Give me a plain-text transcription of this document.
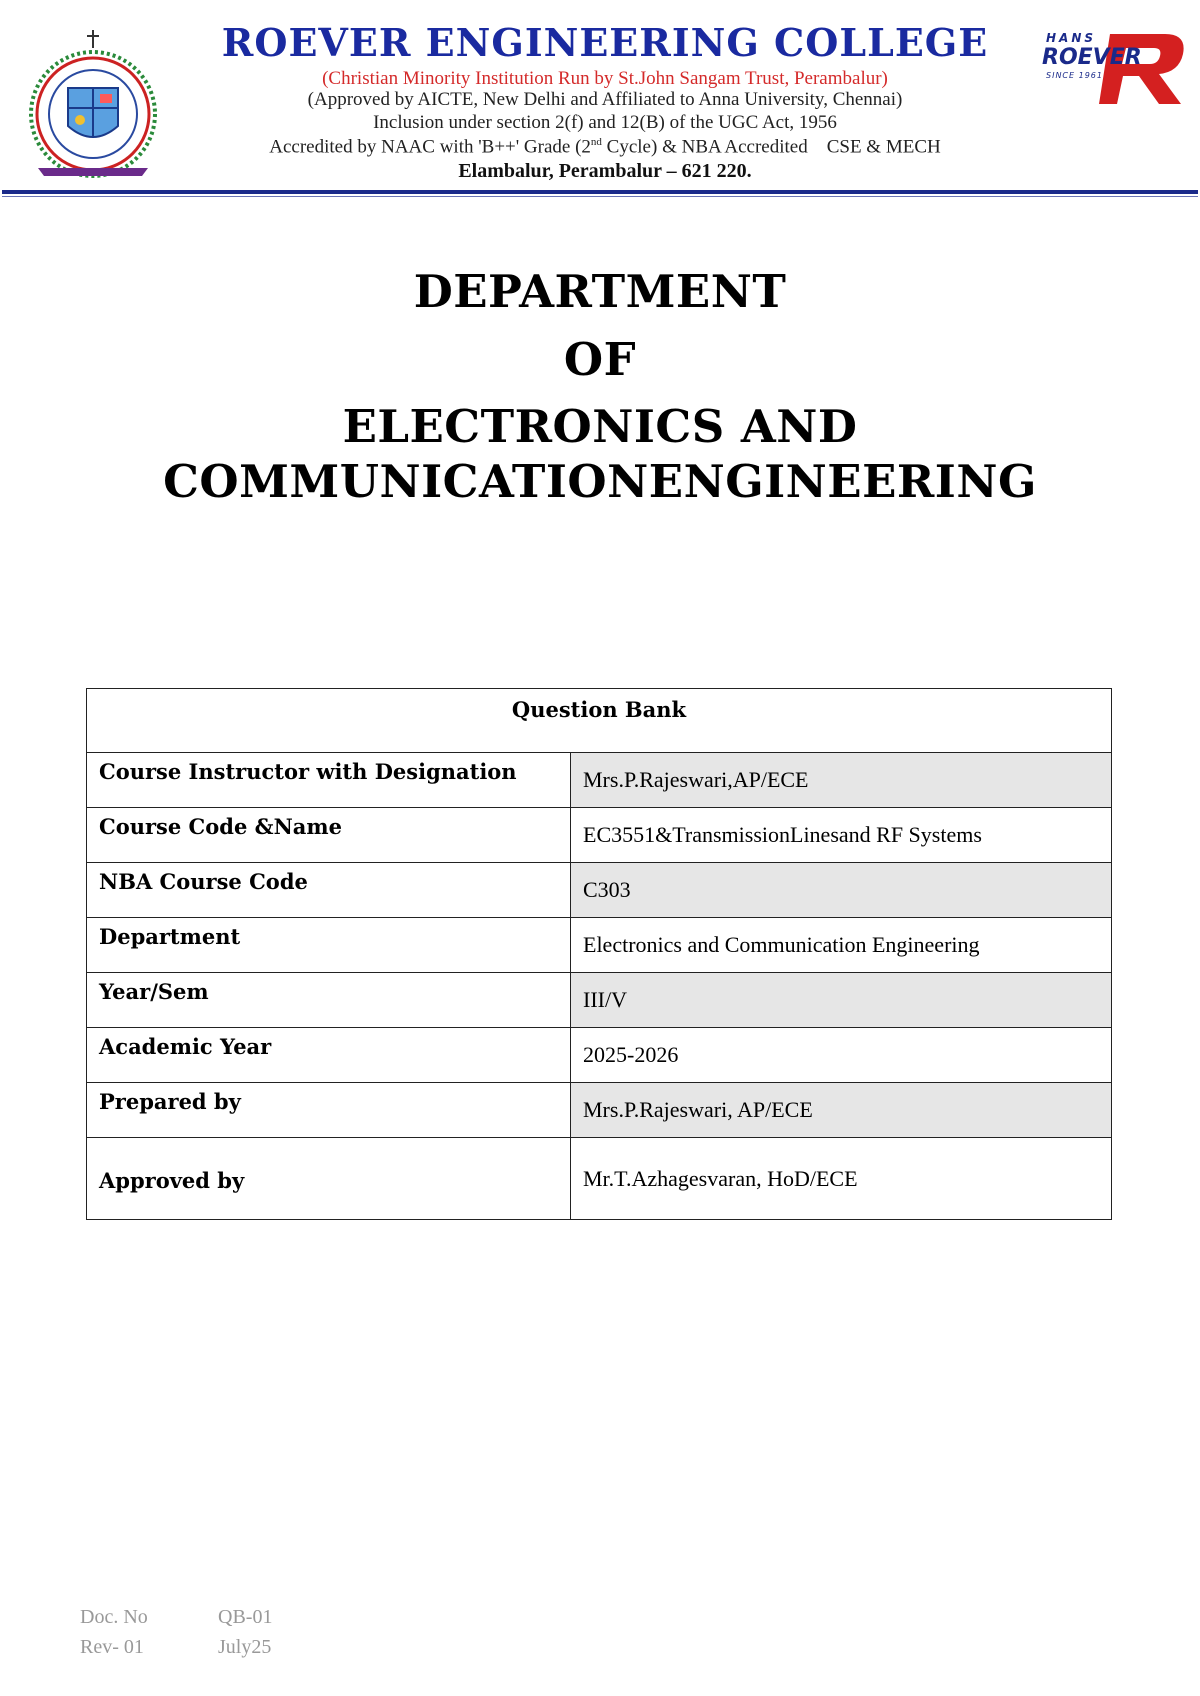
ROEVER ENGINEERING COLLEGE
(Christian Minority Institution Run by St.John Sangam Trust, Perambalur)
(Approved by AICTE, New Delhi and Affiliated to Anna University, Chennai)
Inclusion under section 2(f) and 12(B) of the UGC Act, 1956
Accredited by NAAC with 'B++' Grade (2nd Cycle) & NBA Accredited    CSE & MECH
Elambalur, Perambalur – 621 220.
HANS
ROEVER
SINCE 1961
DEPARTMENT
OF
ELECTRONICS AND
COMMUNICATIONENGINEERING
Question Bank	
Course Instructor with Designation	Mrs.P.Rajeswari,AP/ECE
Course Code &Name	EC3551&TransmissionLinesand RF Systems
NBA Course Code	C303
Department	Electronics and Communication Engineering
Year/Sem	III/V
Academic Year	2025-2026
Prepared by	Mrs.P.Rajeswari, AP/ECE
Approved by	Mr.T.Azhagesvaran, HoD/ECE
Doc. No	QB-01
Rev- 01	July25
